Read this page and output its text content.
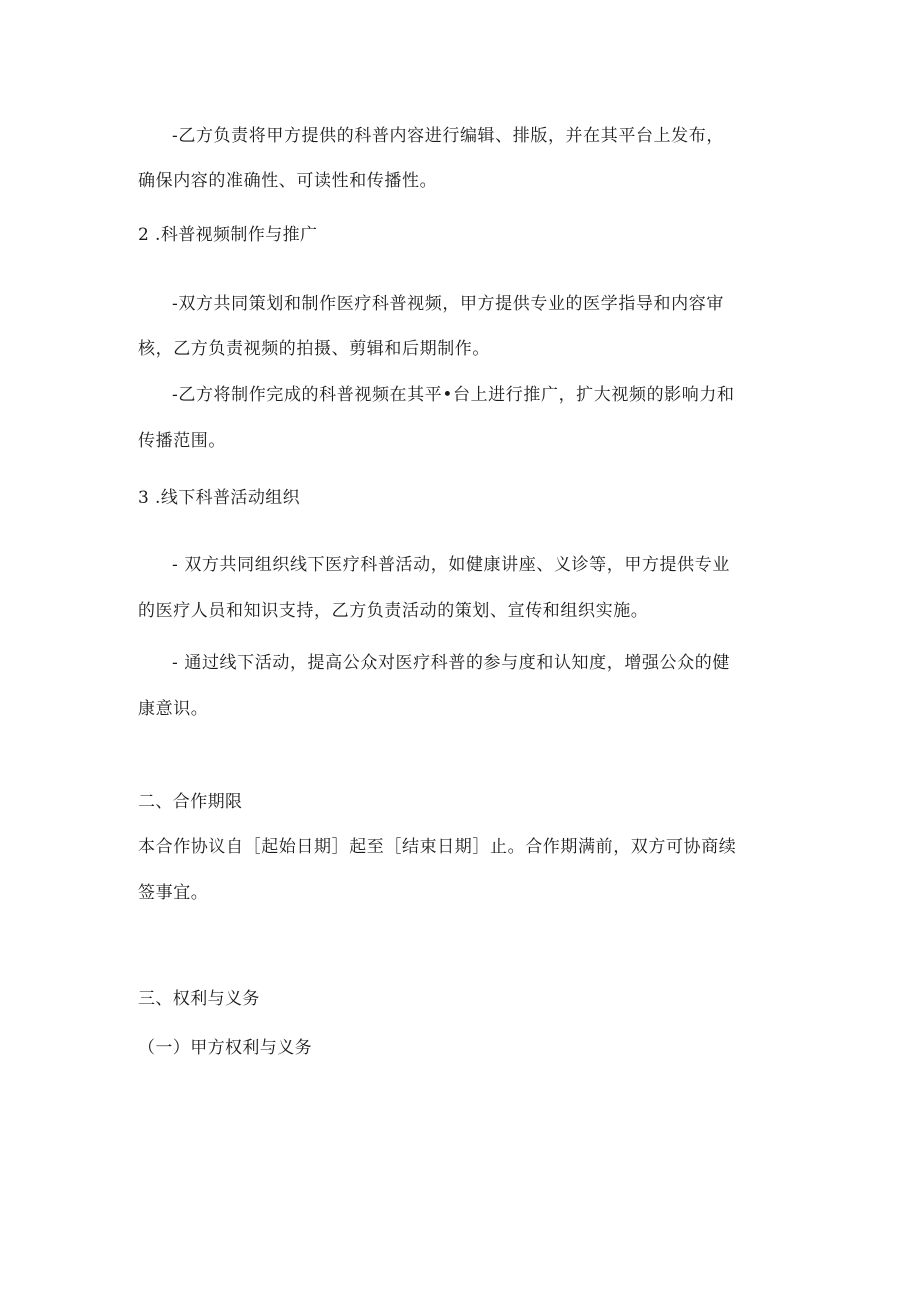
-乙方负责将甲方提供的科普内容进行编辑、排版，并在其平台上发布，
确保内容的准确性、可读性和传播性。
2 .科普视频制作与推广
-双方共同策划和制作医疗科普视频，甲方提供专业的医学指导和内容审
核，乙方负责视频的拍摄、剪辑和后期制作。
-乙方将制作完成的科普视频在其平•台上进行推广，扩大视频的影响力和
传播范围。
3 .线下科普活动组织
- 双方共同组织线下医疗科普活动，如健康讲座、义诊等，甲方提供专业
的医疗人员和知识支持，乙方负责活动的策划、宣传和组织实施。
- 通过线下活动，提高公众对医疗科普的参与度和认知度，增强公众的健
康意识。
二、合作期限
本合作协议自［起始日期］起至［结束日期］止。合作期满前，双方可协商续
签事宜。
三、权利与义务
（一）甲方权利与义务
